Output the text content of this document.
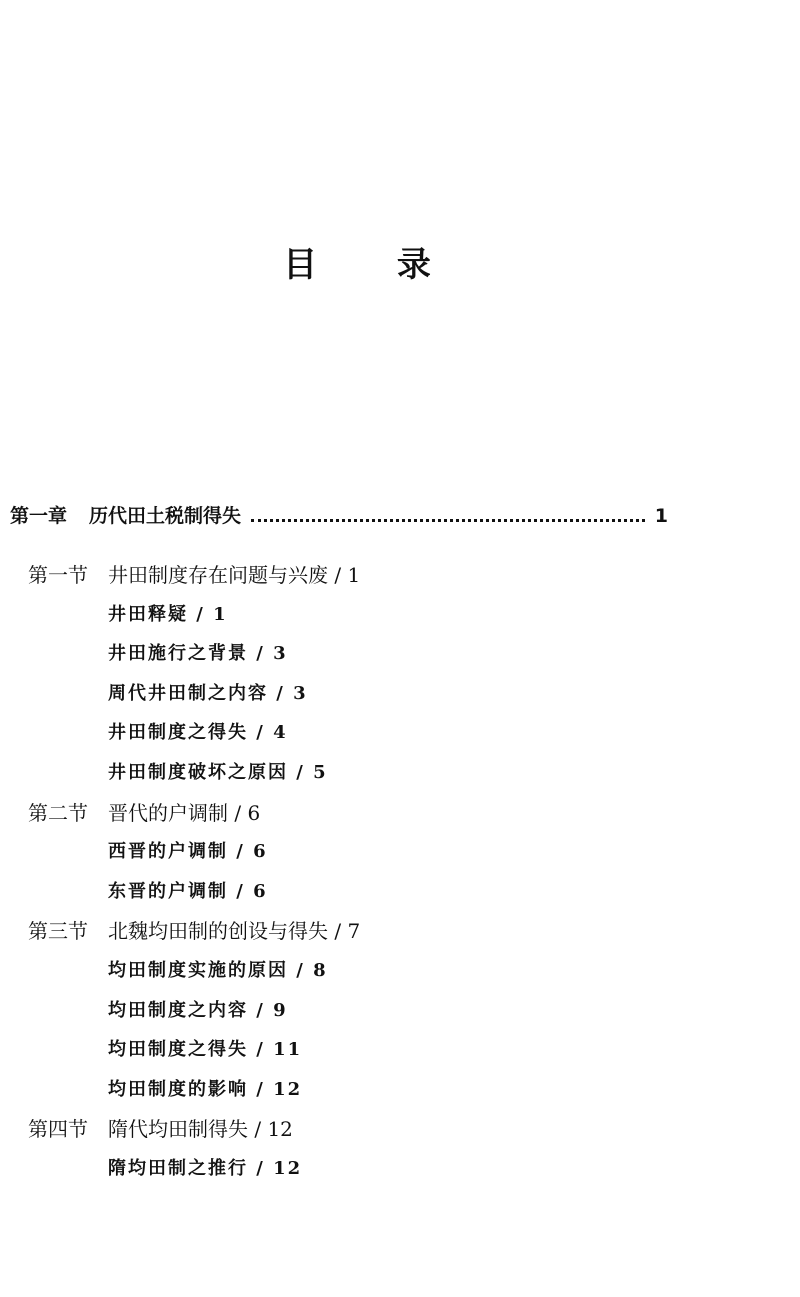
目 录
第一章 历代田土税制得失	1
第一节 井田制度存在问题与兴废 / 1
井田释疑 / 1
井田施行之背景 / 3
周代井田制之内容 / 3
井田制度之得失 / 4
井田制度破坏之原因 / 5
第二节 晋代的户调制 / 6
西晋的户调制 / 6
东晋的户调制 / 6
第三节 北魏均田制的创设与得失 / 7
均田制度实施的原因 / 8
均田制度之内容 / 9
均田制度之得失 / 11
均田制度的影响 / 12
第四节 隋代均田制得失 / 12
隋均田制之推行 / 12
